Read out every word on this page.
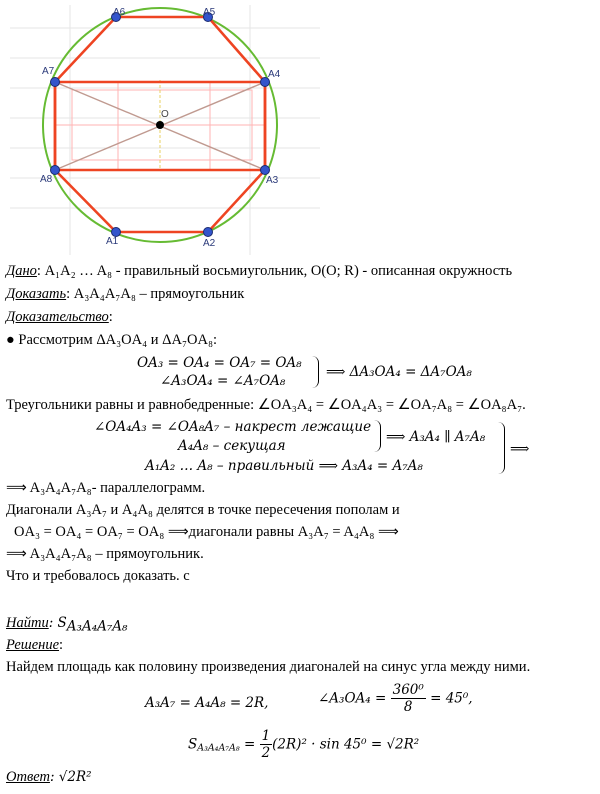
A6	A5
A4
A3
A2
A1
A8
A7
O
Дано: A₁A₂ … A₈ - правильный восьмиугольник, O(O; R) - описанная окружность
Доказать: A₃A₄A₇A₈ – прямоугольник
Доказательство:
● Рассмотрим ΔA₃OA₄ и ΔA₇OA₈:
OA₃ = OA₄ = OA₇ = OA₈
∠A₃OA₄ = ∠A₇OA₈
⟹ ΔA₃OA₄ = ΔA₇OA₈
Треугольники равны и равнобедренные: ∠OA₃A₄ = ∠OA₄A₃ = ∠OA₇A₈ = ∠OA₈A₇.
∠OA₄A₃ = ∠OA₈A₇ – накрест лежащие
A₄A₈ – секущая
⟹ A₃A₄ ∥ A₇A₈
A₁A₂ … A₈ – правильный ⟹ A₃A₄ = A₇A₈
⟹
⟹ A₃A₄A₇A₈- параллелограмм.
Диагонали A₃A₇ и A₄A₈ делятся в точке пересечения пополам и
OA₃ = OA₄ = OA₇ = OA₈ ⟹диагонали равны A₃A₇ = A₄A₈ ⟹
⟹ A₃A₄A₇A₈ – прямоугольник.
Что и требовалось доказать. c
Найти: $S_{A_3A_4A_7A_8}$
Решение:
Найдем площадь как половину произведения диагоналей на синус угла между ними.
A₃A₇ = A₄A₈ = 2R,	∠A₃OA₄ = $\frac{\text{360⁰}}{8} = 45^0$,
$S_{A_3A_4A_7A_8} = \frac{1}{2} (2R)^2 \cdot \sin 45^0 = √2R^2$
Ответ: √2R²
